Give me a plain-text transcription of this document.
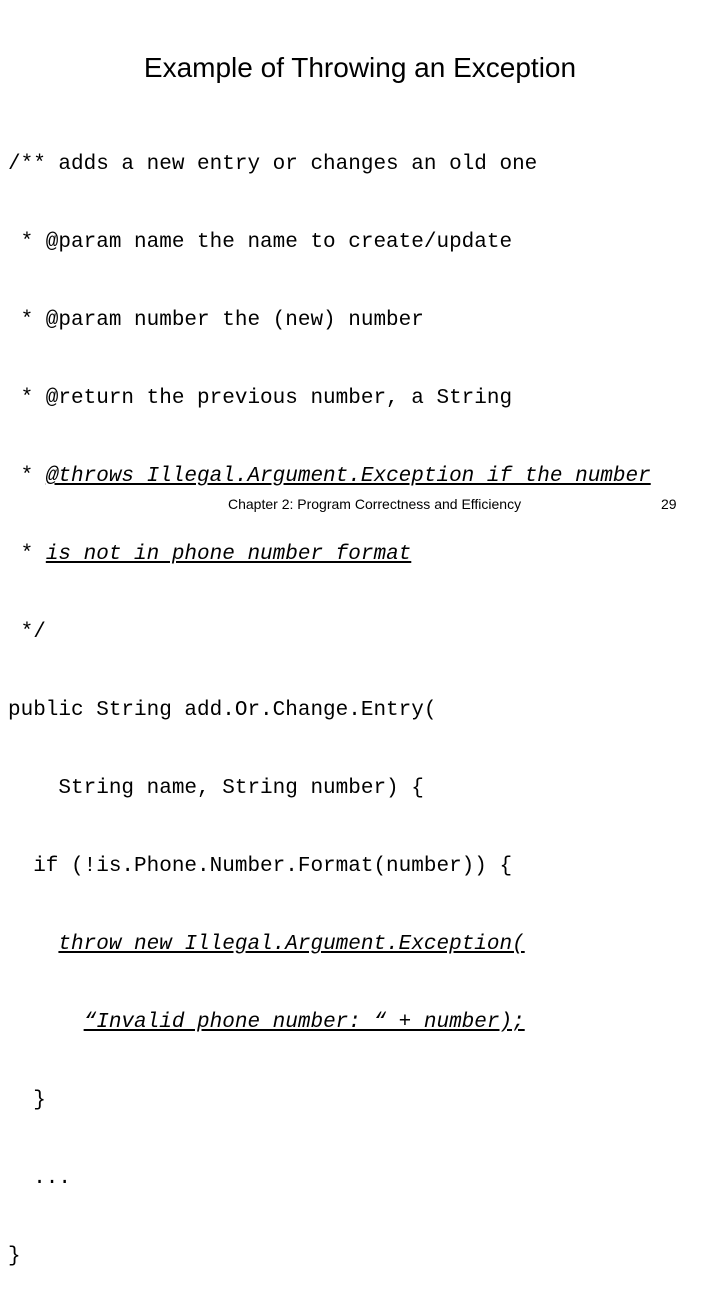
Example of Throwing an Exception

/** adds a new entry or changes an old one

* @param name the name to create/update

* @param number the (new) number

* @return the previous number, a String

* @throws Illegal.Argument.Exception if the number

* is not in phone number format

*/

public String add.Or.Change.Entry(

String name, String number) {

if (!is.Phone.Number.Format(number)) {

throw new Illegal.Argument.Exception(

“Invalid phone number: “ + number);

}

...

}

Chapter 2: Program Correctness and Efficiency	29
